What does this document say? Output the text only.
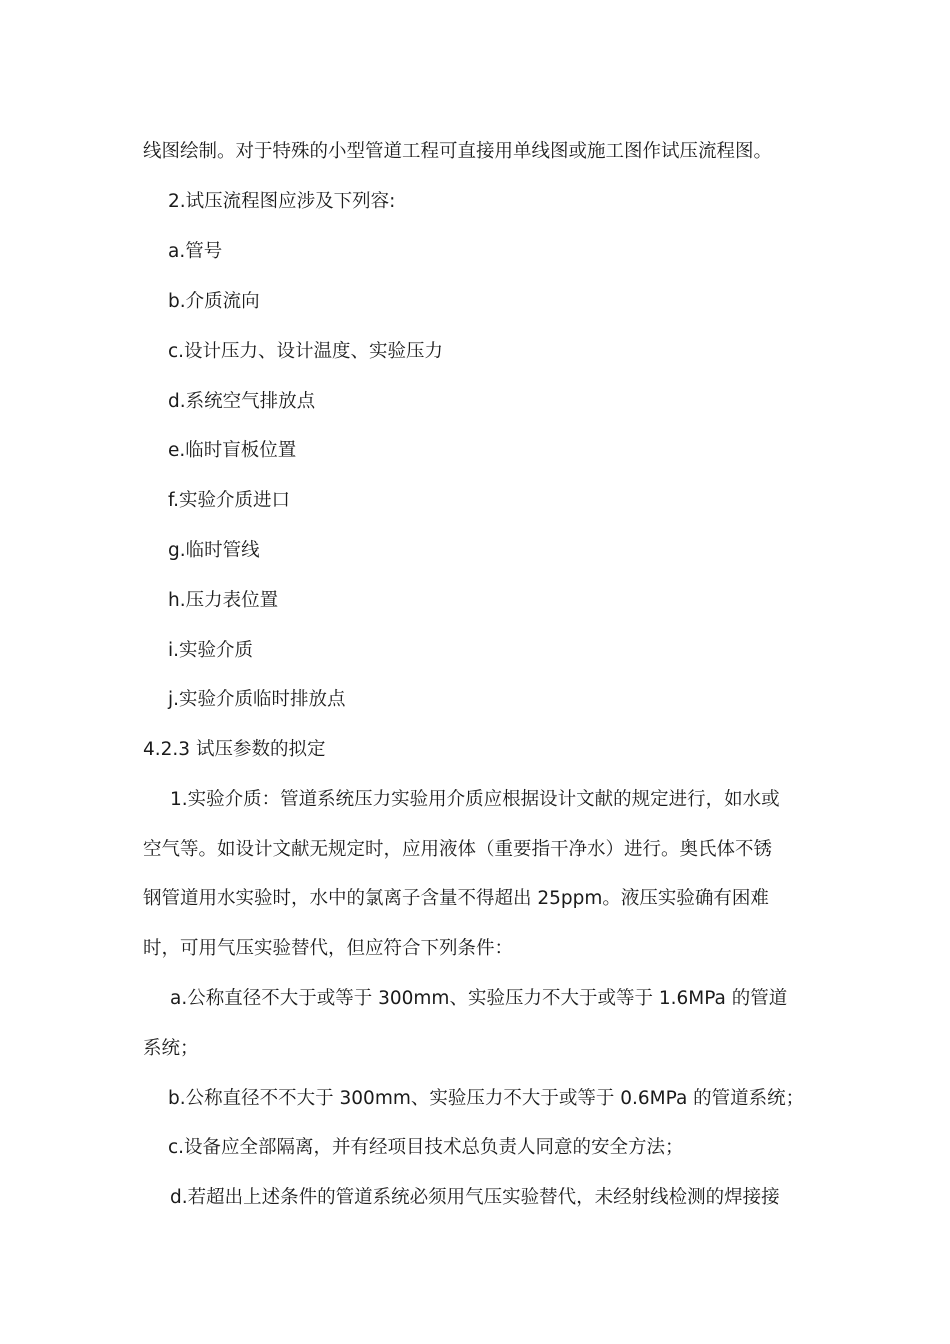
线图绘制。对于特殊的小型管道工程可直接用单线图或施工图作试压流程图。
2.试压流程图应涉及下列容:
a.管号
b.介质流向
c.设计压力、设计温度、实验压力
d.系统空气排放点
e.临时盲板位置
f.实验介质进口
g.临时管线
h.压力表位置
i.实验介质
j.实验介质临时排放点
4.2.3 试压参数的拟定
1.实验介质：管道系统压力实验用介质应根据设计文献的规定进行，如水或
空气等。如设计文献无规定时，应用液体（重要指干净水）进行。奥氏体不锈
钢管道用水实验时，水中的氯离子含量不得超出 25ppm。液压实验确有困难
时，可用气压实验替代，但应符合下列条件：
a.公称直径不大于或等于 300mm、实验压力不大于或等于 1.6MPa 的管道
系统；
b.公称直径不不大于 300mm、实验压力不大于或等于 0.6MPa 的管道系统；
c.设备应全部隔离，并有经项目技术总负责人同意的安全方法；
d.若超出上述条件的管道系统必须用气压实验替代，未经射线检测的焊接接
